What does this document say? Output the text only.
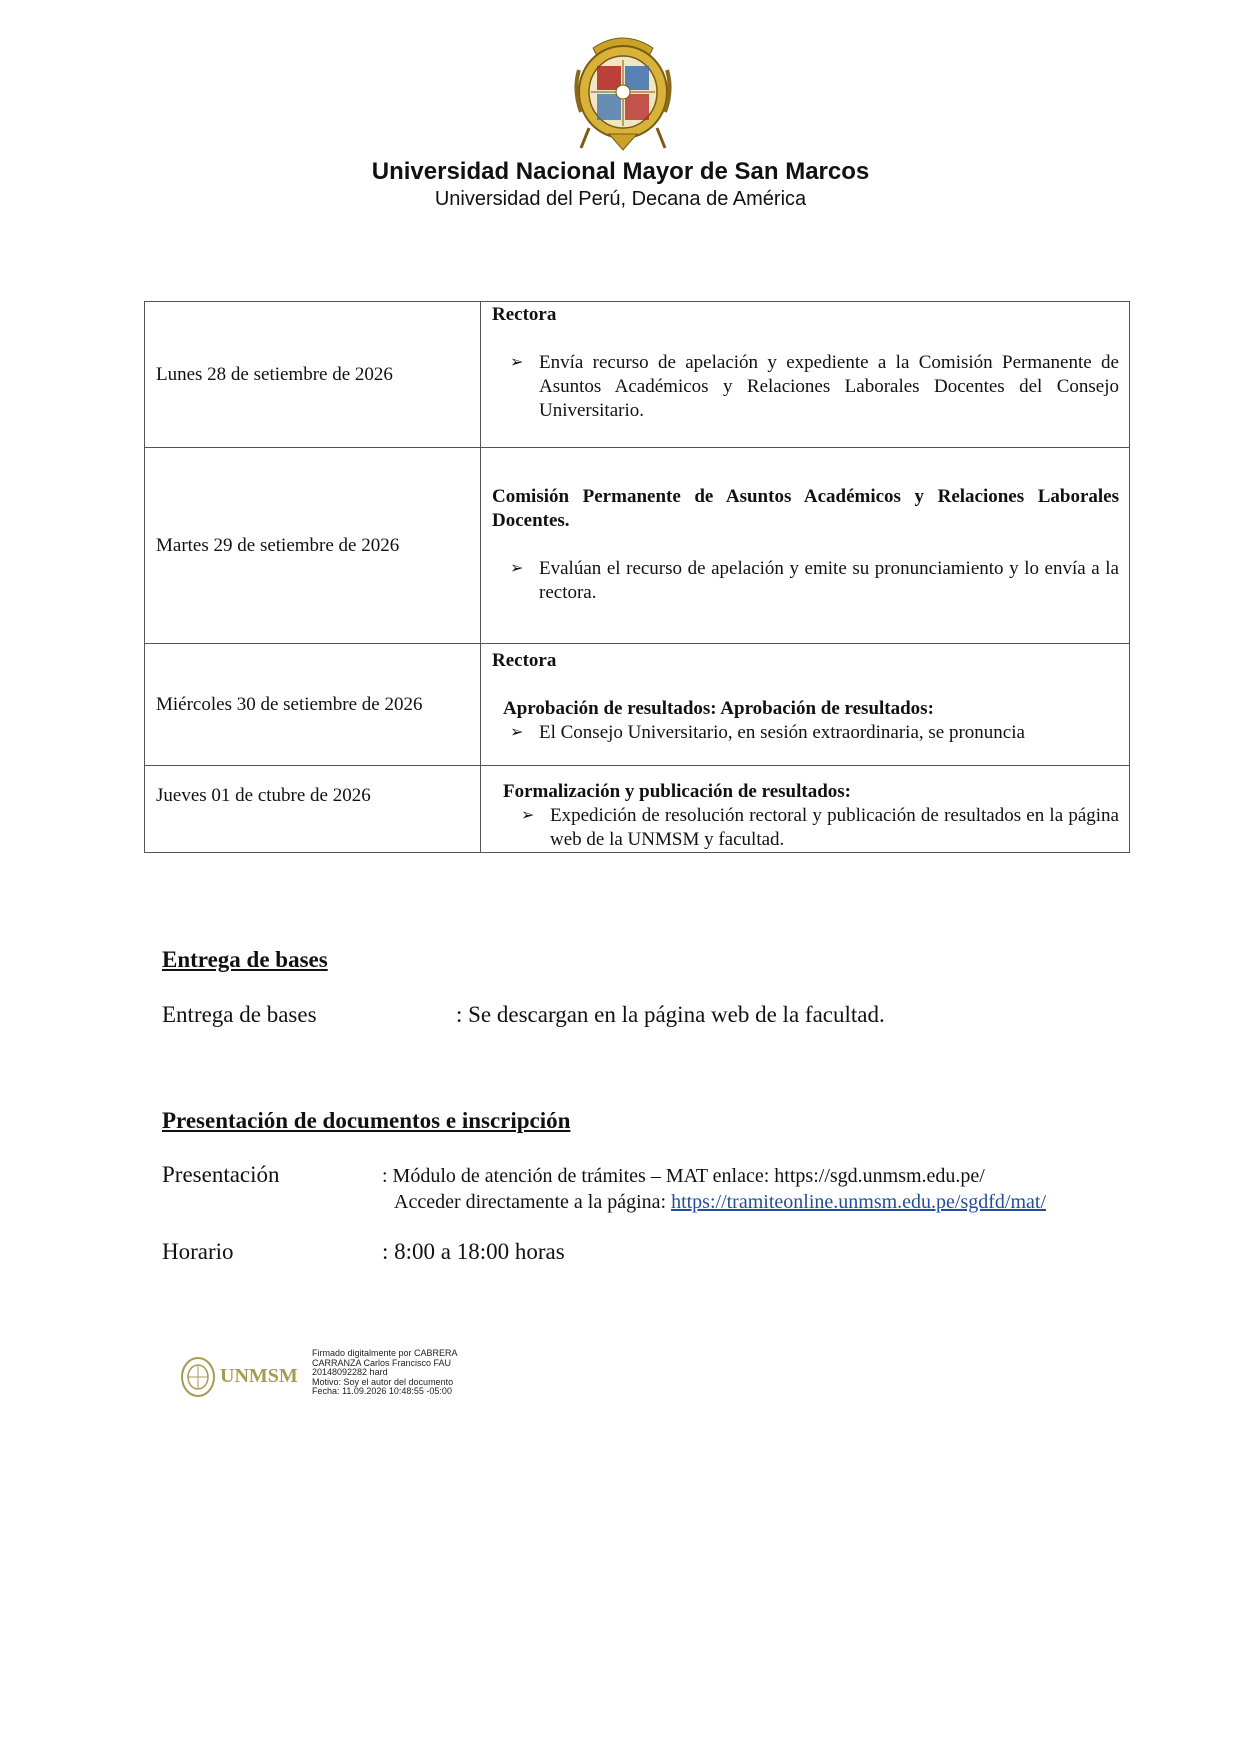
Universidad Nacional Mayor de San Marcos
Universidad del Perú, Decana de América
Lunes 28 de setiembre de 2026	Rectora
➢ Envía recurso de apelación y expediente a la Comisión Permanente de Asuntos Académicos y Relaciones Laborales Docentes del Consejo Universitario.

Martes 29 de setiembre de 2026	Comisión Permanente de Asuntos Académicos y Relaciones Laborales Docentes.
➢ Evalúan el recurso de apelación y emite su pronunciamiento y lo envía a la rectora.

Miércoles 30 de setiembre de 2026	Rectora
Aprobación de resultados: Aprobación de resultados:
➢ El Consejo Universitario, en sesión extraordinaria, se pronuncia

Jueves 01 de ctubre de 2026	Formalización y publicación de resultados:
➢ Expedición de resolución rectoral y publicación de resultados en la página web de la UNMSM y facultad.
Entrega de bases
Entrega de bases	: Se descargan en la página web de la facultad.
Presentación de documentos e inscripción
Presentación	: Módulo de atención de trámites – MAT enlace: https://sgd.unmsm.edu.pe/
Acceder directamente a la página: https://tramiteonline.unmsm.edu.pe/sgdfd/mat/
Horario	: 8:00 a 18:00 horas
UNMSM
Firmado digitalmente por CABRERA
CARRANZA Carlos Francisco FAU
20148092282 hard
Motivo: Soy el autor del documento
Fecha: 11.09.2026 10:48:55 -05:00
